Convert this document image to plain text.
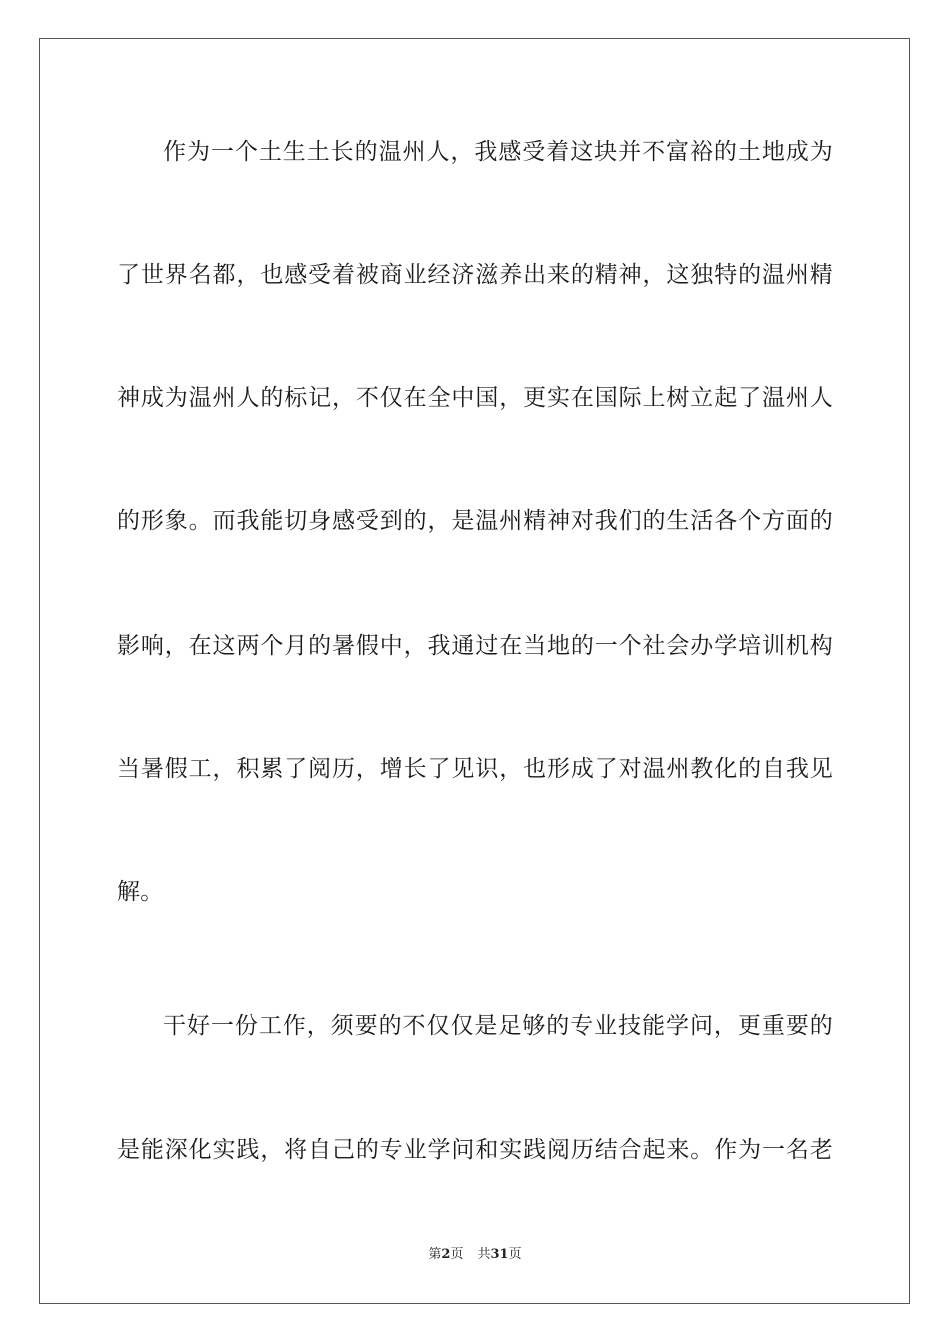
作为一个土生土长的温州人，我感受着这块并不富裕的土地成为
了世界名都，也感受着被商业经济滋养出来的精神，这独特的温州精
神成为温州人的标记，不仅在全中国，更实在国际上树立起了温州人
的形象。而我能切身感受到的，是温州精神对我们的生活各个方面的
影响，在这两个月的暑假中，我通过在当地的一个社会办学培训机构
当暑假工，积累了阅历，增长了见识，也形成了对温州教化的自我见
解。
干好一份工作，须要的不仅仅是足够的专业技能学问，更重要的
是能深化实践，将自己的专业学问和实践阅历结合起来。作为一名老
第2页 共31页
